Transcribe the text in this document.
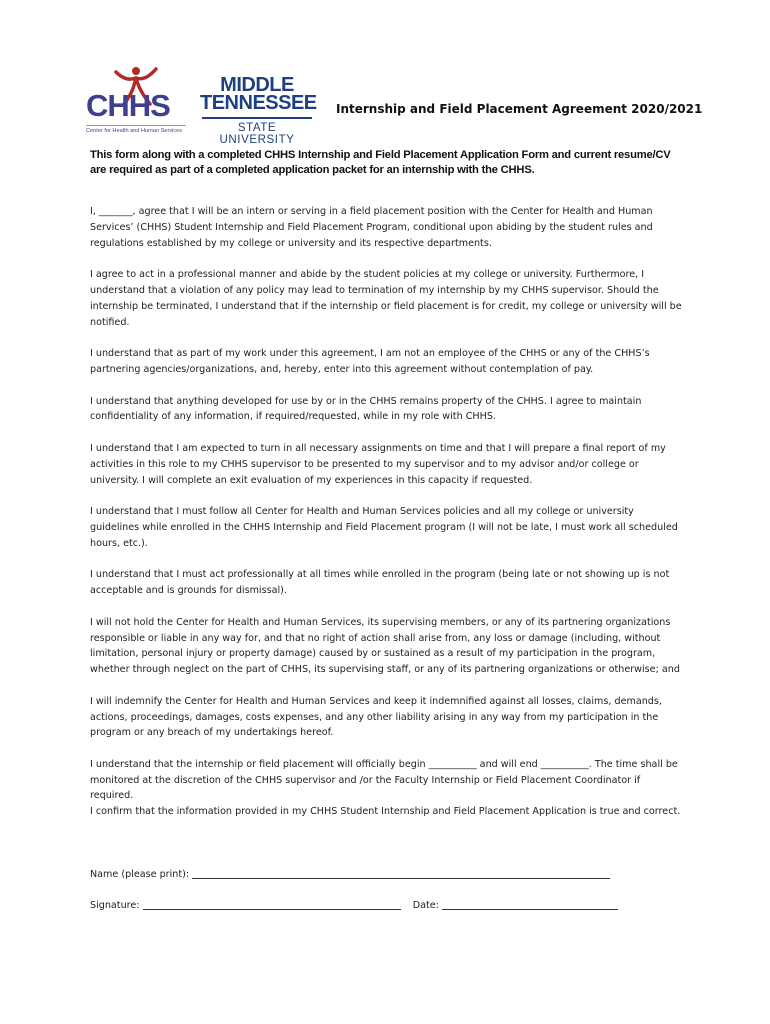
CHHS
Center for Health and Human Services
MIDDLE
TENNESSEE
STATE UNIVERSITY
Internship and Field Placement Agreement 2020/2021
This form along with a completed CHHS Internship and Field Placement Application Form and current resume/CV are required as part of a completed application packet for an internship with the CHHS.

I, _______, agree that I will be an intern or serving in a field placement position with the Center for Health and Human Services’ (CHHS) Student Internship and Field Placement Program, conditional upon abiding by the student rules and regulations established by my college or university and its respective departments.

I agree to act in a professional manner and abide by the student policies at my college or university. Furthermore, I understand that a violation of any policy may lead to termination of my internship by my CHHS supervisor. Should the internship be terminated, I understand that if the internship or field placement is for credit, my college or university will be notified.

I understand that as part of my work under this agreement, I am not an employee of the CHHS or any of the CHHS’s partnering agencies/organizations, and, hereby, enter into this agreement without contemplation of pay.

I understand that anything developed for use by or in the CHHS remains property of the CHHS. I agree to maintain confidentiality of any information, if required/requested, while in my role with CHHS.

I understand that I am expected to turn in all necessary assignments on time and that I will prepare a final report of my activities in this role to my CHHS supervisor to be presented to my supervisor and to my advisor and/or college or university. I will complete an exit evaluation of my experiences in this capacity if requested.

I understand that I must follow all Center for Health and Human Services policies and all my college or university guidelines while enrolled in the CHHS Internship and Field Placement program (I will not be late, I must work all scheduled hours, etc.).

I understand that I must act professionally at all times while enrolled in the program (being late or not showing up is not acceptable and is grounds for dismissal).

I will not hold the Center for Health and Human Services, its supervising members, or any of its partnering organizations responsible or liable in any way for, and that no right of action shall arise from, any loss or damage (including, without limitation, personal injury or property damage) caused by or sustained as a result of my participation in the program, whether through neglect on the part of CHHS, its supervising staff, or any of its partnering organizations or otherwise; and

I will indemnify the Center for Health and Human Services and keep it indemnified against all losses, claims, demands, actions, proceedings, damages, costs expenses, and any other liability arising in any way from my participation in the program or any breach of my undertakings hereof.

I understand that the internship or field placement will officially begin __________ and will end __________. The time shall be monitored at the discretion of the CHHS supervisor and /or the Faculty Internship or Field Placement Coordinator if required.

I confirm that the information provided in my CHHS Student Internship and Field Placement Application is true and correct.

Name (please print):
Signature:	Date:
